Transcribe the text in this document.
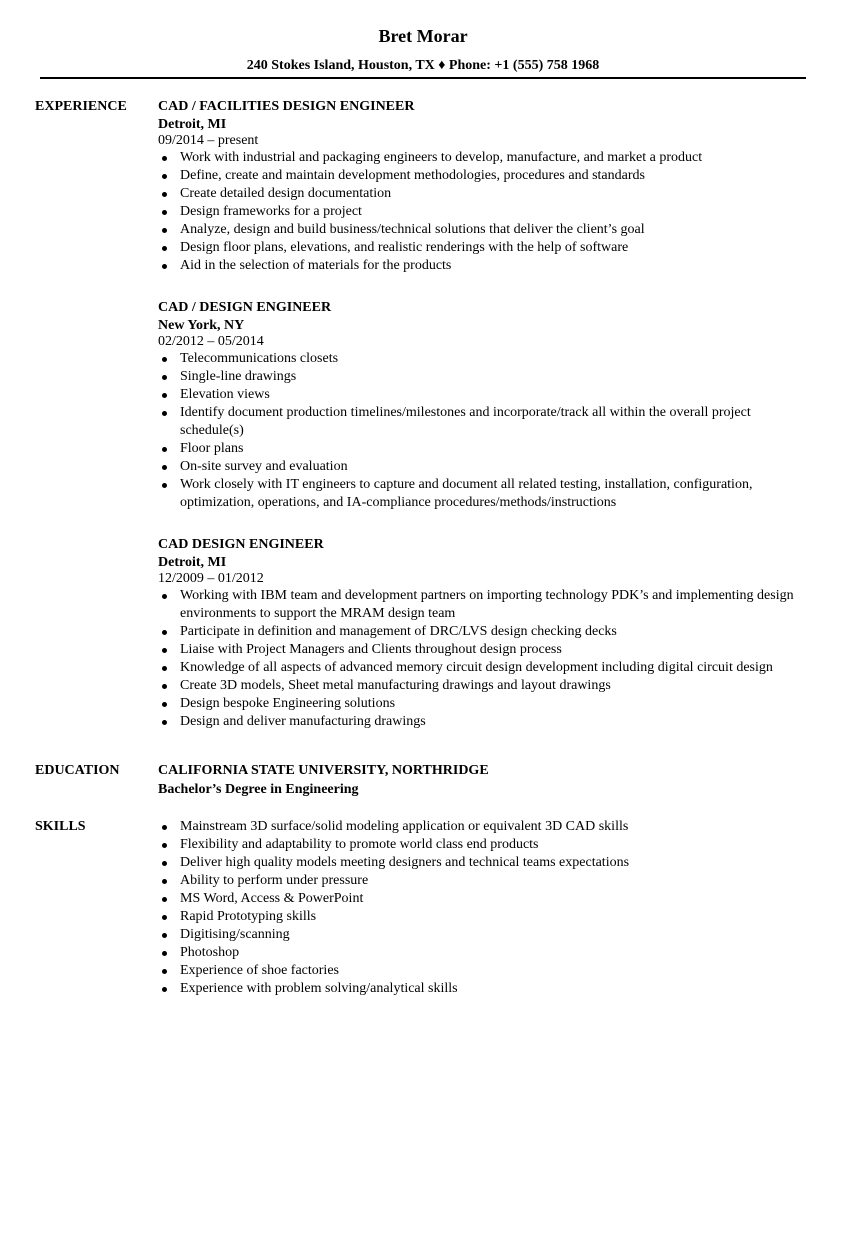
Bret Morar
240 Stokes Island, Houston, TX ♦ Phone: +1 (555) 758 1968
EXPERIENCE CAD / FACILITIES DESIGN ENGINEER
Detroit, MI
09/2014 – present
Work with industrial and packaging engineers to develop, manufacture, and market a product
Define, create and maintain development methodologies, procedures and standards
Create detailed design documentation
Design frameworks for a project
Analyze, design and build business/technical solutions that deliver the client’s goal
Design floor plans, elevations, and realistic renderings with the help of software
Aid in the selection of materials for the products
CAD / DESIGN ENGINEER
New York, NY
02/2012 – 05/2014
Telecommunications closets
Single-line drawings
Elevation views
Identify document production timelines/milestones and incorporate/track all within the overall project schedule(s)
Floor plans
On-site survey and evaluation
Work closely with IT engineers to capture and document all related testing, installation, configuration, optimization, operations, and IA-compliance procedures/methods/instructions
CAD DESIGN ENGINEER
Detroit, MI
12/2009 – 01/2012
Working with IBM team and development partners on importing technology PDK’s and implementing design environments to support the MRAM design team
Participate in definition and management of DRC/LVS design checking decks
Liaise with Project Managers and Clients throughout design process
Knowledge of all aspects of advanced memory circuit design development including digital circuit design
Create 3D models, Sheet metal manufacturing drawings and layout drawings
Design bespoke Engineering solutions
Design and deliver manufacturing drawings
EDUCATION	CALIFORNIA STATE UNIVERSITY, NORTHRIDGE
Bachelor’s Degree in Engineering
SKILLS	Mainstream 3D surface/solid modeling application or equivalent 3D CAD skills
Flexibility and adaptability to promote world class end products
Deliver high quality models meeting designers and technical teams expectations
Ability to perform under pressure
MS Word, Access & PowerPoint
Rapid Prototyping skills
Digitising/scanning
Photoshop
Experience of shoe factories
Experience with problem solving/analytical skills
